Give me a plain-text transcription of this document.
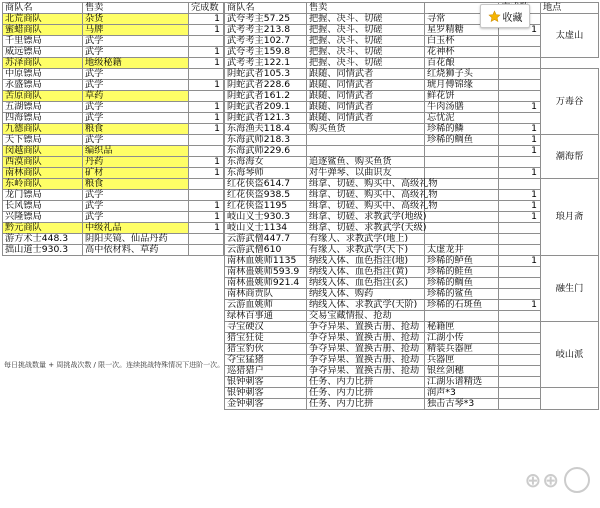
商队名	售卖	完成数
北荒商队	杂货	1
蜜蜡商队	马牌	1
千里镖局	武学	
威远镖局	武学	1
苏泽商队	地级秘籍	1
中原镖局	武学	
永盛镖局	武学	1
苦原商队	草药	
五湖镖局	武学	1
四海镖局	武学	1
九德商队	粮食	1
天下镖局	武学	
闵越商队	编织品	
西漠商队	丹药	1
南林商队	矿材	1
东岭商队	粮食	
龙门镖局	武学	
长风镖局	武学	1
兴隆镖局	武学	1
黔元商队	中级礼品	1
游方术士448.3	阴阳夹镜、仙品丹药	
拙山道士930.3	高中依材料、草药	
每日挑战数量 + 周挑战次数 / 限一次。连续挑战特殊情况下进阶一次。
商队名	售卖			地点	
武夸考主57.25	把握、决斗、切磋	寻常		太虚山	
武考考主213.8	把握、决斗、切磋	星罗精糖	1		
武考考主102.7	把握、决斗、切磋	白玉杯			
武夸考主159.8	把握、决斗、切磋	花神杯			
武考考主122.1	把握、决斗、切磋	百花酿			
阴蛇武者105.3	跟随、同情武者	红烧狮子头		万毒谷	
阴蛇武者228.6	跟随、同情武者	琥月傅锦缘			
阴蛇武者161.2	跟随、同情武者	鲜花饼			
阴蛇武者209.1	跟随、同情武者	牛肉汤膳	1		
阴蛇武者121.3	跟随、同情武者	忘忧泥			
东海渔夫118.4	购买鱼货	珍稀的鳞	1		
东海武师218.3		珍稀的鲷鱼	1	潮海帮	
东海武师229.6			1		
东海海女	追逐鲨鱼、购买鱼货				
东海琴师	对牛弹琴、以曲识友		1		
红花侠盗614.7	缉拿、切磋、购买中、高级礼物			琅月斋	
红花侠盗938.5	缉拿、切磋、购买中、高级礼物		1		
红花侠盗1195	缉拿、切磋、购买中、高级礼物		1		
岐山义士930.3	缉拿、切磋、求教武学(地级)		1		
岐山义士1134	缉拿、切磋、求教武学(天级)				
云游武僧447.7	有缘人、求教武学(地上)				
云游武僧610	有缘人、求教武学(天下)	太虚龙井			
南林血姚师1135	纳线入体、血色指注(地)	珍稀的鲈鱼	1	融生门	
南林蛊姚师593.9	纳线入体、血色指注(黄)	珍稀的鲑鱼			
南林蛊姚师921.4	纳线入体、血色指注(玄)	珍稀的鲷鱼			
南林商贾队	纳线入体、购药	珍稀的鲨鱼			
云游血姚师	纳线入体、求教武学(天阶)	珍稀的石斑鱼	1		
绿林百事通	交易宝藏情报、抢劫				
寻宝硬汉	争夺异果、置换古册、抢劫	秘籍匣		岐山派	
猎宝狂徒	争夺异果、置换古册、抢劫	江湖小传			
猎宝豹伙	争夺异果、置换古册、抢劫	精装兵器匣			
夺宝猛猪	争夺异果、置换古册、抢劫	兵器匣			
巡猎猎户	争夺异果、置换古册、抢劫	银丝剑穗			
银钟刺客	任务、内力比拼	江湖乐谱精选			
银钟刺客	任务、内力比拼	润声*3			
金钟刺客	任务、内力比拼	独击古琴*3			
收藏
⊕⊕
